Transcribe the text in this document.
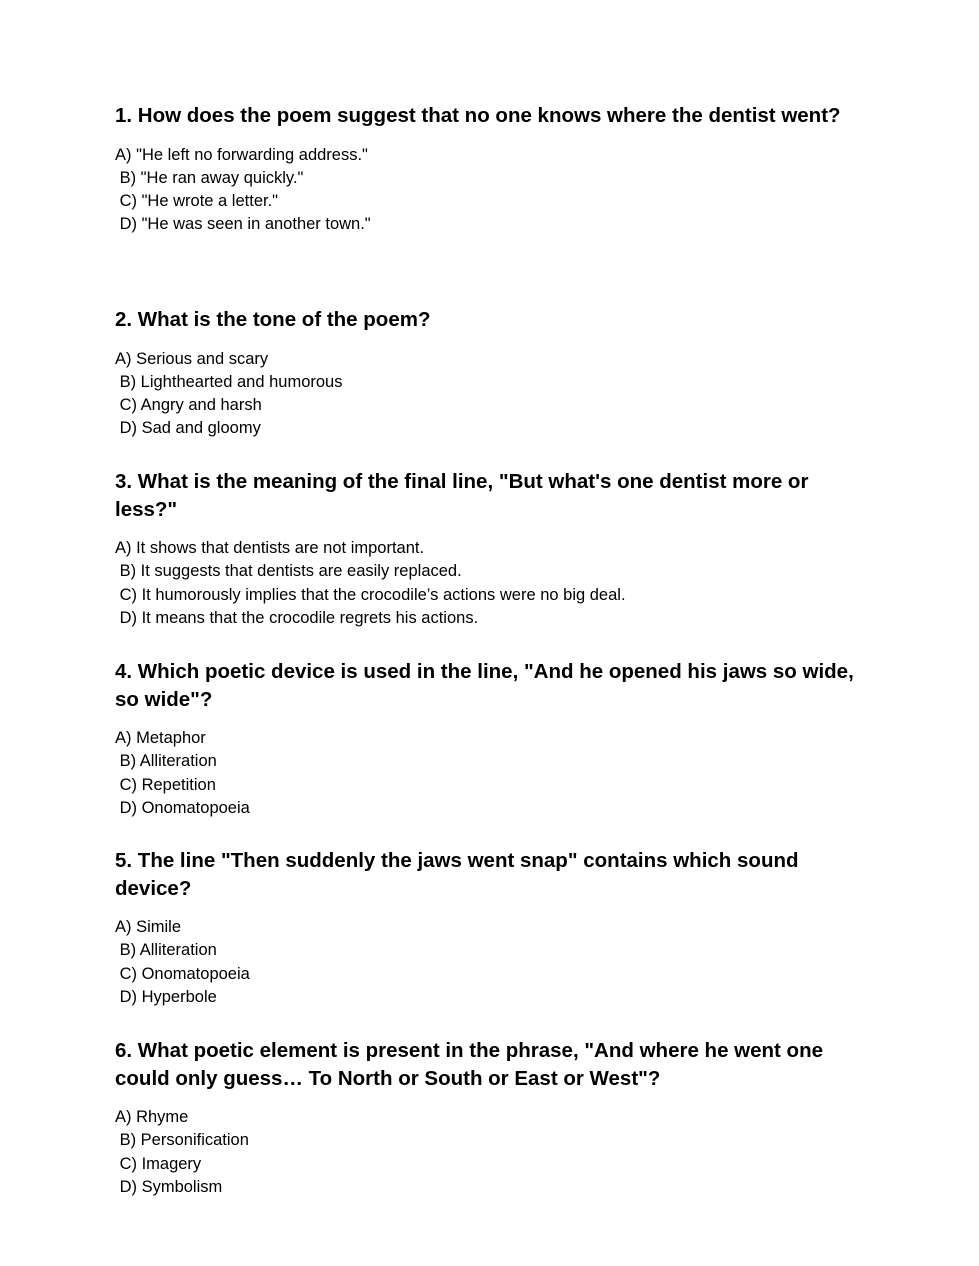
1. How does the poem suggest that no one knows where the dentist went?

A) "He left no forwarding address."
B) "He ran away quickly."
C) "He wrote a letter."
D) "He was seen in another town."

2. What is the tone of the poem?

A) Serious and scary
B) Lighthearted and humorous
C) Angry and harsh
D) Sad and gloomy

3. What is the meaning of the final line, "But what's one dentist more or less?"

A) It shows that dentists are not important.
B) It suggests that dentists are easily replaced.
C) It humorously implies that the crocodile’s actions were no big deal.
D) It means that the crocodile regrets his actions.

4. Which poetic device is used in the line, "And he opened his jaws so wide, so wide"?

A) Metaphor
B) Alliteration
C) Repetition
D) Onomatopoeia

5. The line "Then suddenly the jaws went snap" contains which sound device?

A) Simile
B) Alliteration
C) Onomatopoeia
D) Hyperbole

6. What poetic element is present in the phrase, "And where he went one could only guess… To North or South or East or West"?

A) Rhyme
B) Personification
C) Imagery
D) Symbolism
